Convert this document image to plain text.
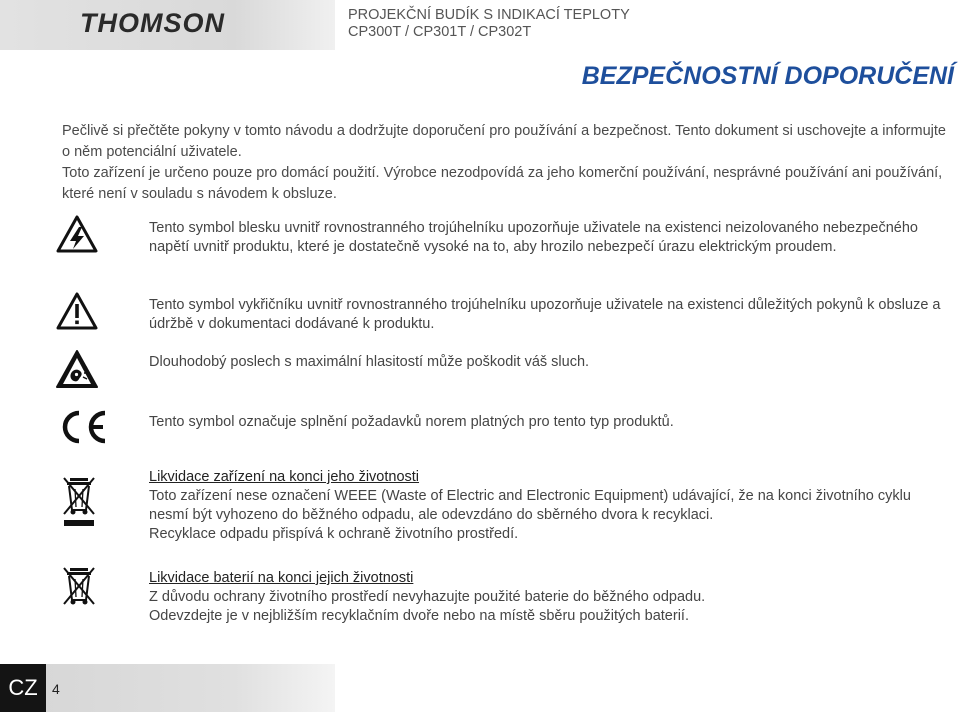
THOMSON	PROJEKČNÍ BUDÍK S INDIKACÍ TEPLOTY
CP300T / CP301T / CP302T
BEZPEČNOSTNÍ DOPORUČENÍ

Pečlivě si přečtěte pokyny v tomto návodu a dodržujte doporučení pro používání a bezpečnost. Tento dokument si uschovejte a informujte o něm potenciální uživatele.

Toto zařízení je určeno pouze pro domácí použití. Výrobce nezodpovídá za jeho komerční používání, nesprávné používání ani používání, které není v souladu s návodem k obsluze.

Tento symbol blesku uvnitř rovnostranného trojúhelníku upozorňuje uživatele na existenci neizolovaného nebezpečného napětí uvnitř produktu, které je dostatečně vysoké na to, aby hrozilo nebezpečí úrazu elektrickým proudem.
Tento symbol vykřičníku uvnitř rovnostranného trojúhelníku upozorňuje uživatele na existenci důležitých pokynů k obsluze a údržbě v dokumentaci dodávané k produktu.
Dlouhodobý poslech s maximální hlasitostí může poškodit váš sluch.
Tento symbol označuje splnění požadavků norem platných pro tento typ produktů.

Likvidace zařízení na konci jeho životnosti

Toto zařízení nese označení WEEE (Waste of Electric and Electronic Equipment) udávající, že na konci životního cyklu nesmí být vyhozeno do běžného odpadu, ale odevzdáno do sběrného dvora k recyklaci.

Recyklace odpadu přispívá k ochraně životního prostředí.

Likvidace baterií na konci jejich životnosti

Z důvodu ochrany životního prostředí nevyhazujte použité baterie do běžného odpadu.

Odevzdejte je v nejbližším recyklačním dvoře nebo na místě sběru použitých baterií.

CZ	4
